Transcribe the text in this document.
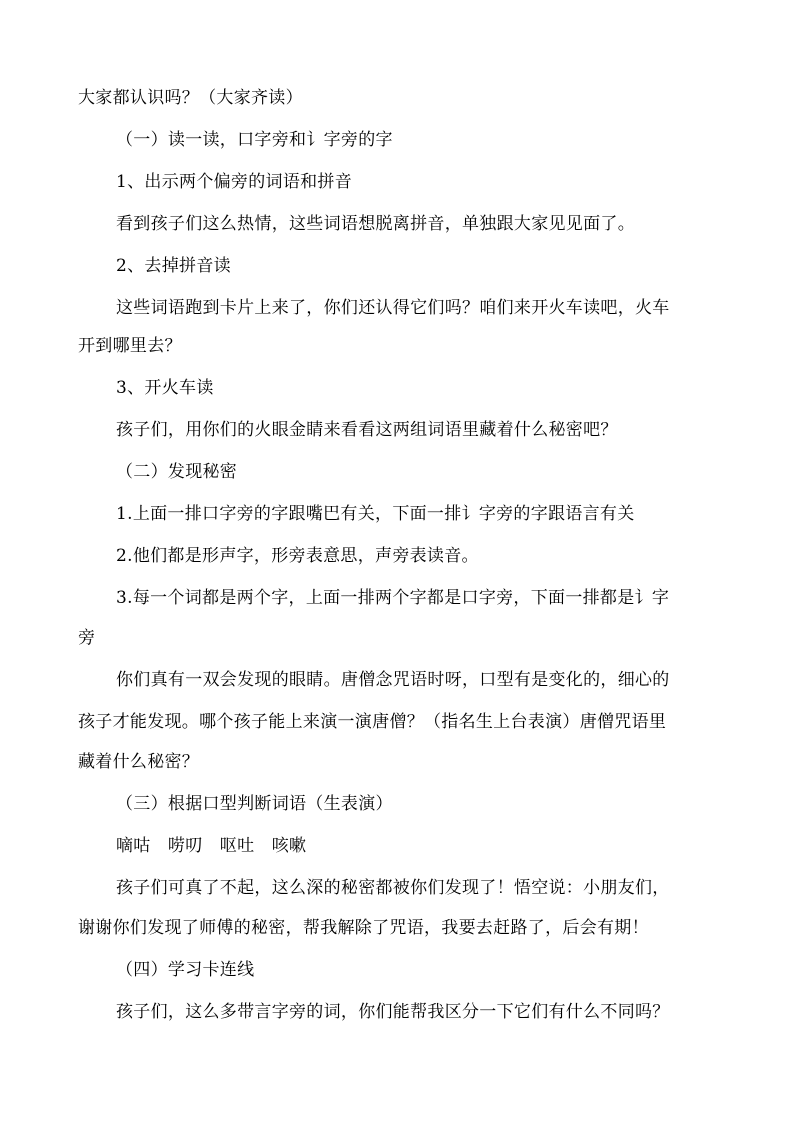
大家都认识吗？（大家齐读）
（一）读一读，口字旁和讠字旁的字
1、出示两个偏旁的词语和拼音
看到孩子们这么热情，这些词语想脱离拼音，单独跟大家见见面了。
2、去掉拼音读
这些词语跑到卡片上来了，你们还认得它们吗？咱们来开火车读吧，火车
开到哪里去？
3、开火车读
孩子们，用你们的火眼金睛来看看这两组词语里藏着什么秘密吧？
（二）发现秘密
1.上面一排口字旁的字跟嘴巴有关，下面一排讠字旁的字跟语言有关
2.他们都是形声字，形旁表意思，声旁表读音。
3.每一个词都是两个字，上面一排两个字都是口字旁，下面一排都是讠字
旁
你们真有一双会发现的眼睛。唐僧念咒语时呀，口型有是变化的，细心的
孩子才能发现。哪个孩子能上来演一演唐僧？（指名生上台表演）唐僧咒语里
藏着什么秘密？
（三）根据口型判断词语（生表演）
嘀咕　唠叨　呕吐　咳嗽
孩子们可真了不起，这么深的秘密都被你们发现了！悟空说：小朋友们，
谢谢你们发现了师傅的秘密，帮我解除了咒语，我要去赶路了，后会有期！
（四）学习卡连线
孩子们，这么多带言字旁的词，你们能帮我区分一下它们有什么不同吗？
